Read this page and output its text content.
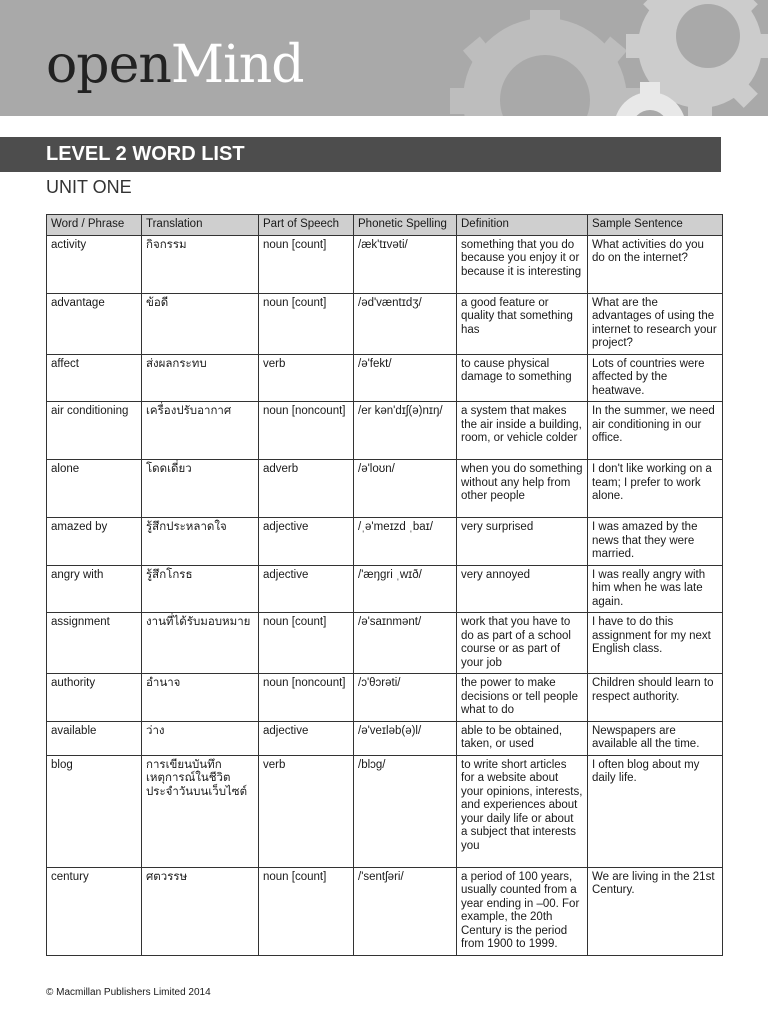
openMind
LEVEL 2 WORD LIST
UNIT ONE
Word / Phrase	Translation	Part of Speech	Phonetic Spelling	Definition	Sample Sentence
activity	กิจกรรม	noun [count]	/æk'tɪvəti/	something that you do because you enjoy it or because it is interesting	What activities do you do on the internet?
advantage	ข้อดี	noun [count]	/əd'væntɪdʒ/	a good feature or quality that something has	What are the advantages of using the internet to research your project?
affect	ส่งผลกระทบ	verb	/ə'fekt/	to cause physical damage to something	Lots of countries were affected by the heatwave.
air conditioning	เครื่องปรับอากาศ	noun [noncount]	/er kən'dɪʃ(ə)nɪŋ/	a system that makes the air inside a building, room, or vehicle colder	In the summer, we need air conditioning in our office.
alone	โดดเดี่ยว	adverb	/ə'loʊn/	when you do something without any help from other people	I don't like working on a team; I prefer to work alone.
amazed by	รู้สึกประหลาดใจ	adjective	/ˌə'meɪzd ˌbaɪ/	very surprised	I was amazed by the news that they were married.
angry with	รู้สึกโกรธ	adjective	/'æŋgri ˌwɪð/	very annoyed	I was really angry with him when he was late again.
assignment	งานที่ได้รับมอบหมาย	noun [count]	/ə'saɪnmənt/	work that you have to do as part of a school course or as part of your job	I have to do this assignment for my next English class.
authority	อำนาจ	noun [noncount]	/ɔ'θɔrəti/	the power to make decisions or tell people what to do	Children should learn to respect authority.
available	ว่าง	adjective	/ə'veɪləb(ə)l/	able to be obtained, taken, or used	Newspapers are available all the time.
blog	การเขียนบันทึกเหตุการณ์ในชีวิตประจำวันบนเว็บไซต์	verb	/blɔg/	to write short articles for a website about your opinions, interests, and experiences about your daily life or about a subject that interests you	I often blog about my daily life.
century	ศตวรรษ	noun [count]	/'sentʃəri/	a period of 100 years, usually counted from a year ending in –00. For example, the 20th Century is the period from 1900 to 1999.	We are living in the 21st Century.
© Macmillan Publishers Limited 2014
